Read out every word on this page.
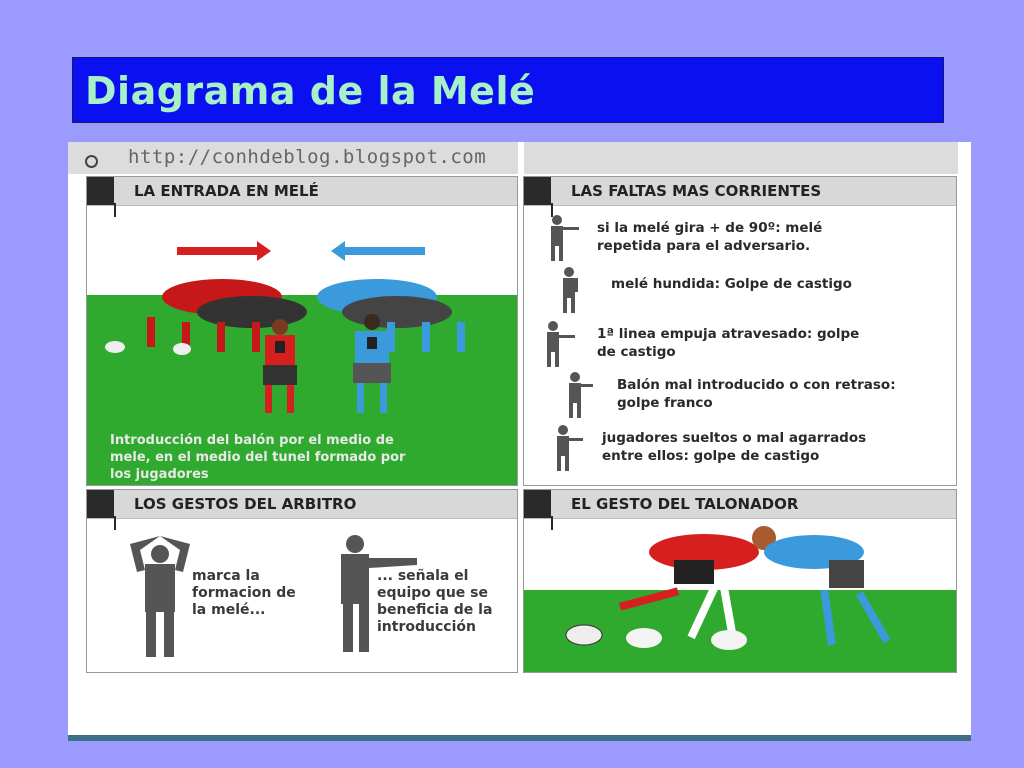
Diagrama de la Melé
http://conhdeblog.blogspot.com
LA ENTRADA EN MELÉ
Introducción del balón por el medio de
mele, en el medio del tunel formado por
los jugadores
LAS FALTAS MAS CORRIENTES
si la melé gira + de 90º: melé
repetida para el adversario.
melé hundida: Golpe de castigo
1ª linea empuja atravesado: golpe
de castigo
Balón mal introducido o con retraso:
golpe franco
jugadores sueltos o mal agarrados
entre ellos: golpe de castigo
LOS GESTOS DEL ARBITRO
marca la
formacion de
la melé...
... señala el
equipo que se
beneficia de la
introducción
EL GESTO DEL TALONADOR
